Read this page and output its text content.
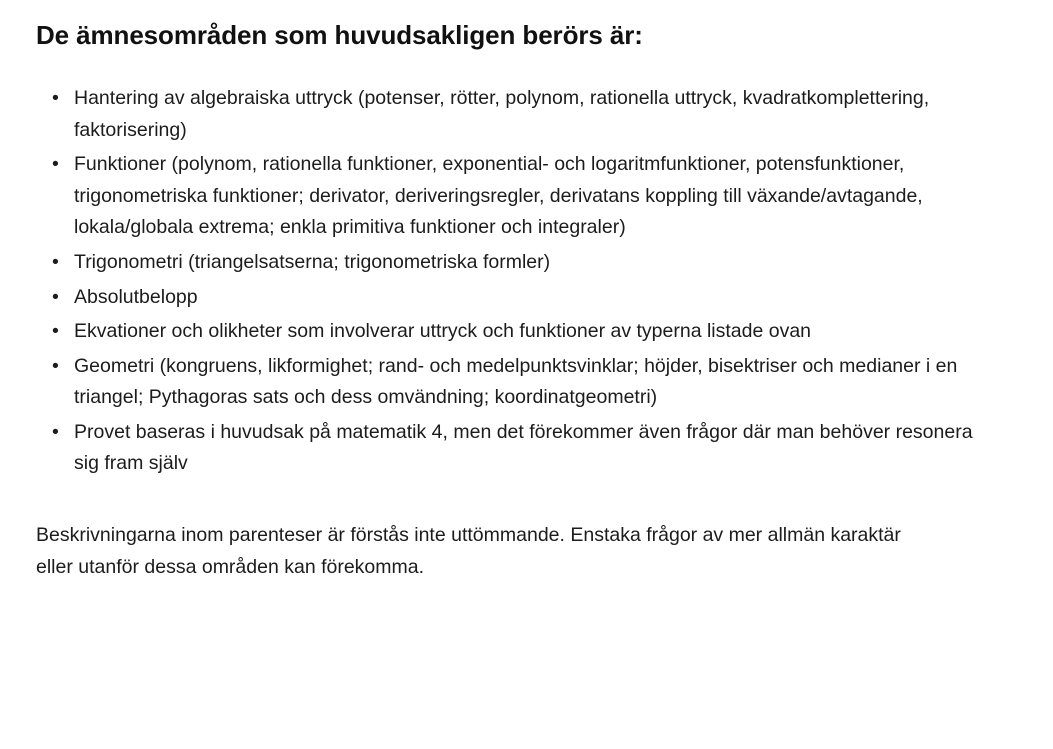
De ämnesområden som huvudsakligen berörs är:
• Hantering av algebraiska uttryck (potenser, rötter, polynom, rationella uttryck, kvadratkomplettering, faktorisering)
• Funktioner (polynom, rationella funktioner, exponential- och logaritmfunktioner, potensfunktioner, trigonometriska funktioner; derivator, deriveringsregler, derivatans koppling till växande/avtagande, lokala/globala extrema; enkla primitiva funktioner och integraler)
• Trigonometri (triangelsatserna; trigonometriska formler)
• Absolutbelopp
• Ekvationer och olikheter som involverar uttryck och funktioner av typerna listade ovan
• Geometri (kongruens, likformighet; rand- och medelpunktsvinklar; höjder, bisektriser och medianer i en triangel; Pythagoras sats och dess omvändning; koordinatgeometri)
• Provet baseras i huvudsak på matematik 4, men det förekommer även frågor där man behöver resonera sig fram själv

Beskrivningarna inom parenteser är förstås inte uttömmande. Enstaka frågor av mer allmän karaktär eller utanför dessa områden kan förekomma.
